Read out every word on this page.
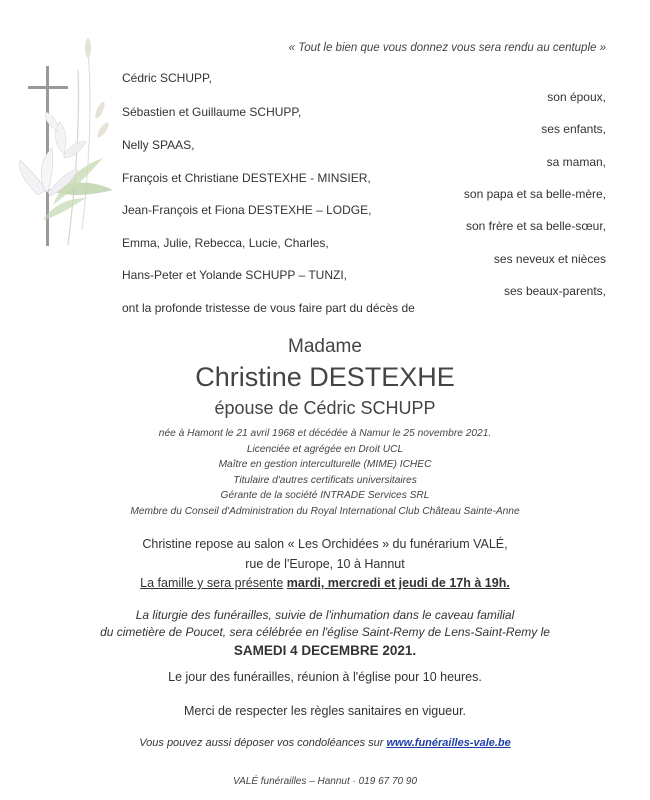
« Tout le bien que vous donnez vous sera rendu au centuple »
Cédric SCHUPP,
Sébastien et Guillaume SCHUPP,
Nelly SPAAS,
François et Christiane DESTEXHE - MINSIER,
Jean-François et Fiona DESTEXHE – LODGE,
Emma, Julie, Rebecca, Lucie, Charles,
Hans-Peter et Yolande SCHUPP – TUNZI,
ont la profonde tristesse de vous faire part du décès de
son époux,
ses enfants,
sa maman,
son papa et sa belle-mère,
son frère et sa belle-sœur,
ses neveux et nièces
ses beaux-parents,
Madame
Christine DESTEXHE
épouse de Cédric SCHUPP
née à Hamont le 21 avril 1968 et décédée à Namur le 25 novembre 2021.
Licenciée et agrégée en Droit UCL
Maître en gestion interculturelle (MIME) ICHEC
Titulaire d'autres certificats universitaires
Gérante de la société INTRADE Services SRL
Membre du Conseil d'Administration du Royal International Club Château Sainte-Anne
Christine repose au salon « Les Orchidées » du funérarium VALÉ,
rue de l'Europe, 10 à Hannut
La famille y sera présente mardi, mercredi et jeudi de 17h à 19h.
La liturgie des funérailles, suivie de l'inhumation dans le caveau familial
du cimetière de Poucet, sera célébrée en l'église Saint-Remy de Lens-Saint-Remy le
SAMEDI 4 DECEMBRE 2021.
Le jour des funérailles, réunion à l'église pour 10 heures.
Merci de respecter les règles sanitaires en vigueur.
Vous pouvez aussi déposer vos condoléances sur www.funérailles-vale.be
VALÉ funérailles – Hannut · 019 67 70 90
